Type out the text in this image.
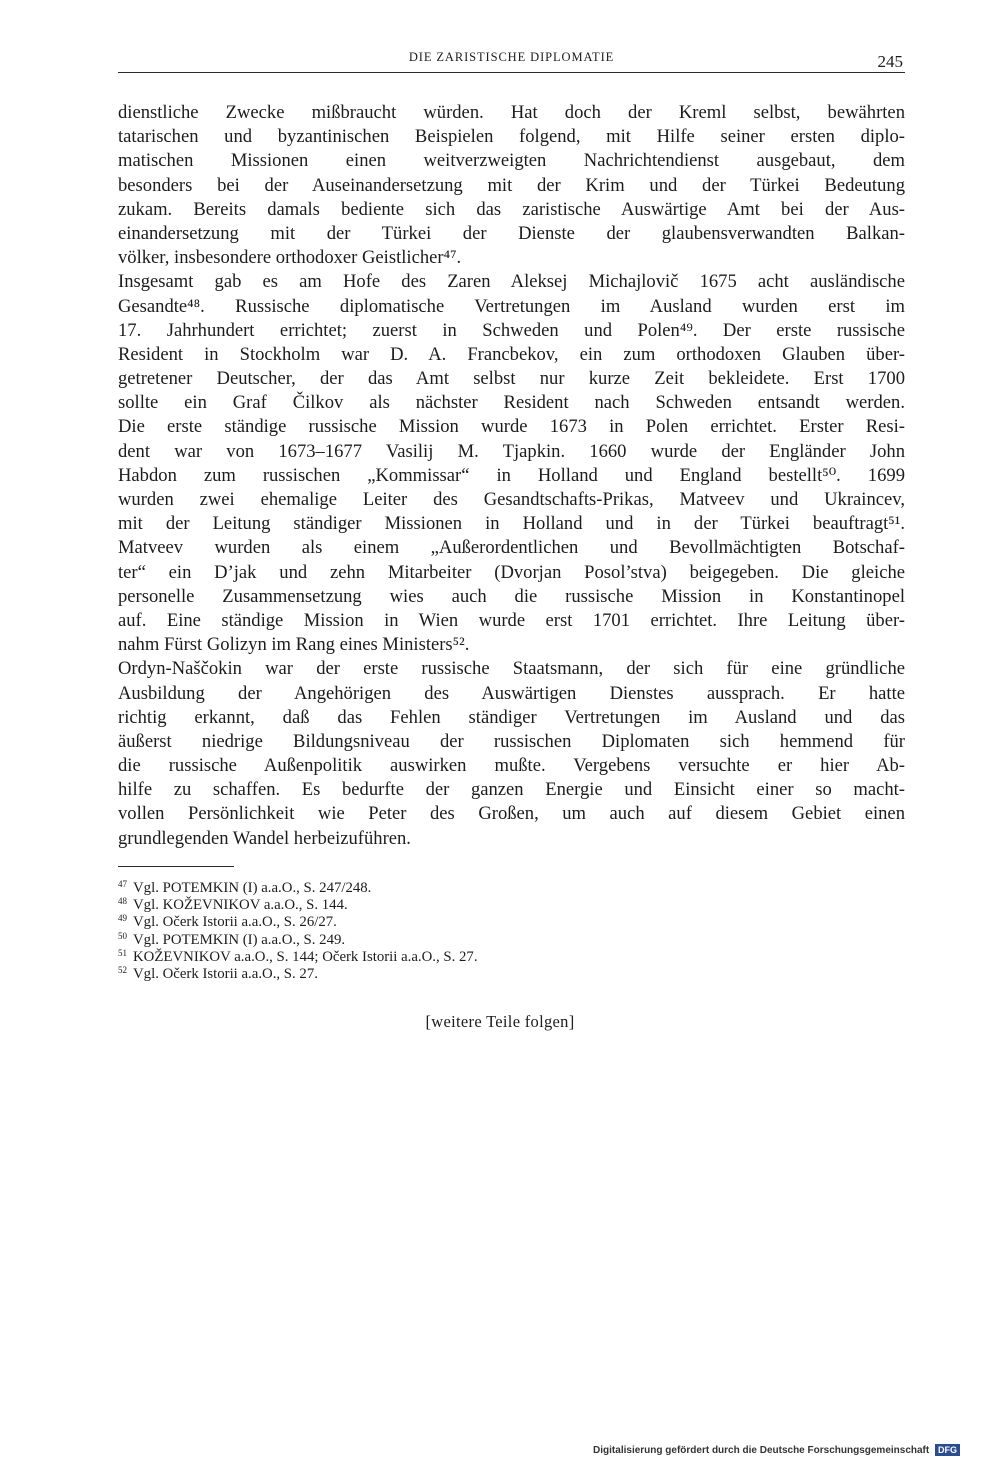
DIE ZARISTISCHE DIPLOMATIE	245
dienstliche Zwecke mißbraucht würden. Hat doch der Kreml selbst, bewährten
tatarischen und byzantinischen Beispielen folgend, mit Hilfe seiner ersten diplo-
matischen Missionen einen weitverzweigten Nachrichtendienst ausgebaut, dem
besonders bei der Auseinandersetzung mit der Krim und der Türkei Bedeutung
zukam. Bereits damals bediente sich das zaristische Auswärtige Amt bei der Aus-
einandersetzung mit der Türkei der Dienste der glaubensverwandten Balkan-
völker, insbesondere orthodoxer Geistlicher⁴⁷.
Insgesamt gab es am Hofe des Zaren Aleksej Michajlovič 1675 acht ausländische
Gesandte⁴⁸. Russische diplomatische Vertretungen im Ausland wurden erst im
17. Jahrhundert errichtet; zuerst in Schweden und Polen⁴⁹. Der erste russische
Resident in Stockholm war D. A. Francbekov, ein zum orthodoxen Glauben über-
getretener Deutscher, der das Amt selbst nur kurze Zeit bekleidete. Erst 1700
sollte ein Graf Čilkov als nächster Resident nach Schweden entsandt werden.
Die erste ständige russische Mission wurde 1673 in Polen errichtet. Erster Resi-
dent war von 1673–1677 Vasilij M. Tjapkin. 1660 wurde der Engländer John
Habdon zum russischen „Kommissar“ in Holland und England bestellt⁵⁰. 1699
wurden zwei ehemalige Leiter des Gesandtschafts-Prikas, Matveev und Ukraincev,
mit der Leitung ständiger Missionen in Holland und in der Türkei beauftragt⁵¹.
Matveev wurden als einem „Außerordentlichen und Bevollmächtigten Botschaf-
ter“ ein D’jak und zehn Mitarbeiter (Dvorjan Posol’stva) beigegeben. Die gleiche
personelle Zusammensetzung wies auch die russische Mission in Konstantinopel
auf. Eine ständige Mission in Wien wurde erst 1701 errichtet. Ihre Leitung über-
nahm Fürst Golizyn im Rang eines Ministers⁵².
Ordyn-Naščokin war der erste russische Staatsmann, der sich für eine gründliche
Ausbildung der Angehörigen des Auswärtigen Dienstes aussprach. Er hatte
richtig erkannt, daß das Fehlen ständiger Vertretungen im Ausland und das
äußerst niedrige Bildungsniveau der russischen Diplomaten sich hemmend für
die russische Außenpolitik auswirken mußte. Vergebens versuchte er hier Ab-
hilfe zu schaffen. Es bedurfte der ganzen Energie und Einsicht einer so macht-
vollen Persönlichkeit wie Peter des Großen, um auch auf diesem Gebiet einen
grundlegenden Wandel herbeizuführen.
47 Vgl. POTEMKIN (I) a.a.O., S. 247/248.
48 Vgl. KOŽEVNIKOV a.a.O., S. 144.
49 Vgl. Očerk Istorii a.a.O., S. 26/27.
50 Vgl. POTEMKIN (I) a.a.O., S. 249.
51 KOŽEVNIKOV a.a.O., S. 144; Očerk Istorii a.a.O., S. 27.
52 Vgl. Očerk Istorii a.a.O., S. 27.
[weitere Teile folgen]
Digitalisierung gefördert durch die Deutsche Forschungsgemeinschaft DFG
